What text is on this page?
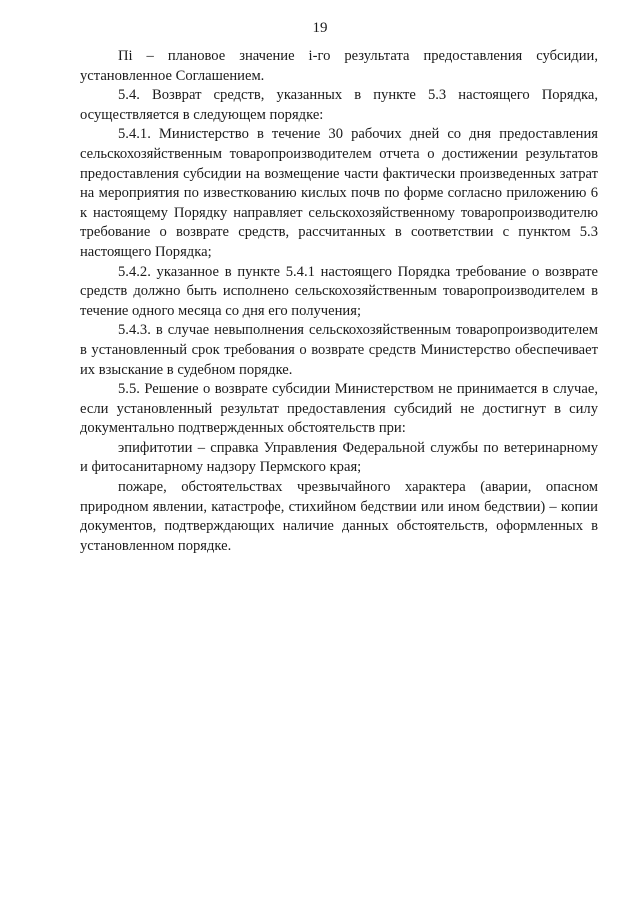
19

Пi – плановое значение i-го результата предоставления субсидии, установленное Соглашением.

5.4. Возврат средств, указанных в пункте 5.3 настоящего Порядка, осуществляется в следующем порядке:

5.4.1. Министерство в течение 30 рабочих дней со дня предоставления сельскохозяйственным товаропроизводителем отчета о достижении результатов предоставления субсидии на возмещение части фактически произведенных затрат на мероприятия по известкованию кислых почв по форме согласно приложению 6 к настоящему Порядку направляет сельскохозяйственному товаропроизводителю требование о возврате средств, рассчитанных в соответствии с пунктом 5.3 настоящего Порядка;

5.4.2. указанное в пункте 5.4.1 настоящего Порядка требование о возврате средств должно быть исполнено сельскохозяйственным товаропроизводителем в течение одного месяца со дня его получения;

5.4.3. в случае невыполнения сельскохозяйственным товаропроизводителем в установленный срок требования о возврате средств Министерство обеспечивает их взыскание в судебном порядке.

5.5. Решение о возврате субсидии Министерством не принимается в случае, если установленный результат предоставления субсидий не достигнут в силу документально подтвержденных обстоятельств при:

эпифитотии – справка Управления Федеральной службы по ветеринарному и фитосанитарному надзору Пермского края;

пожаре, обстоятельствах чрезвычайного характера (аварии, опасном природном явлении, катастрофе, стихийном бедствии или ином бедствии) – копии документов, подтверждающих наличие данных обстоятельств, оформленных в установленном порядке.
